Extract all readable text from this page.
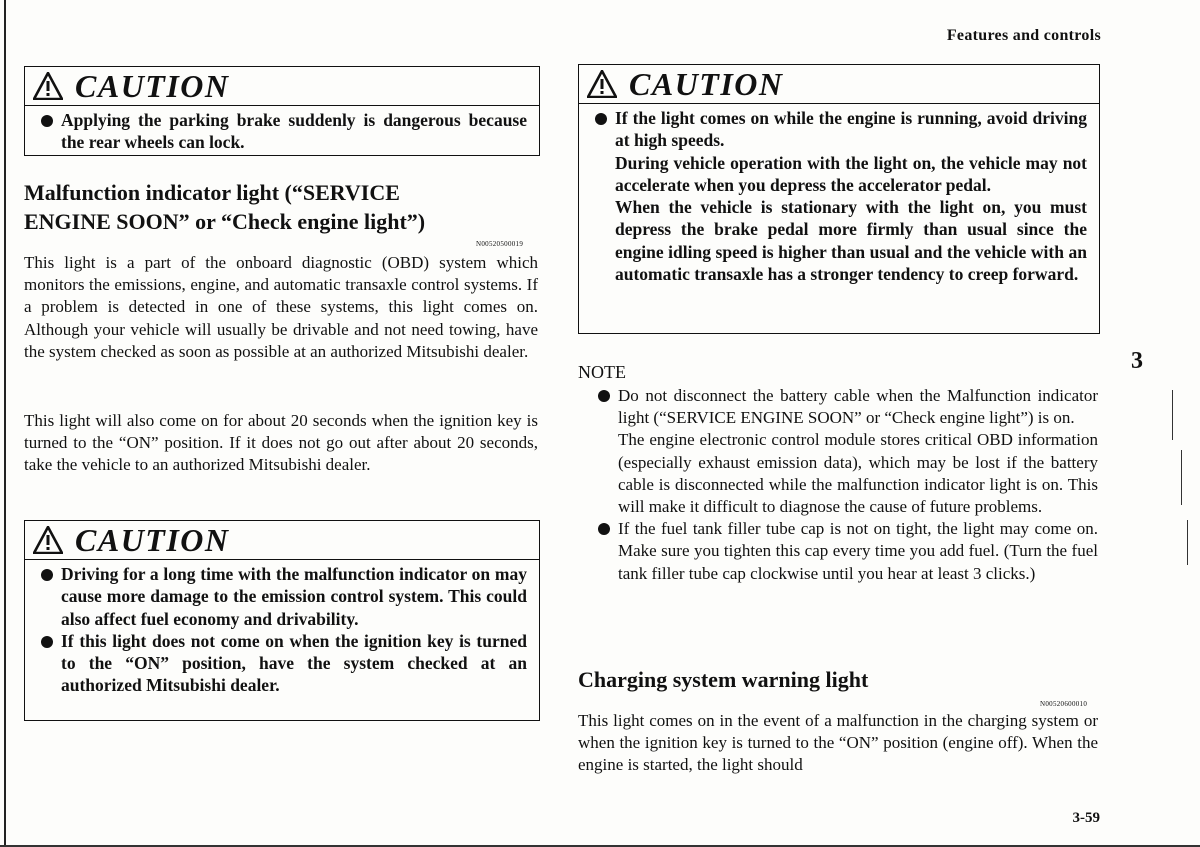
Features and controls
3
3-59
CAUTION
Applying the parking brake suddenly is dangerous because the rear wheels can lock.
Malfunction indicator light (“SERVICE
ENGINE SOON” or “Check engine light”)
N00520500019
This light is a part of the onboard diagnostic (OBD) system which monitors the emissions, engine, and automatic transaxle control systems. If a problem is detected in one of these systems, this light comes on. Although your vehicle will usually be drivable and not need towing, have the system checked as soon as possible at an authorized Mitsubishi dealer.
This light will also come on for about 20 seconds when the ignition key is turned to the “ON” position. If it does not go out after about 20 seconds, take the vehicle to an authorized Mitsubishi dealer.
CAUTION
Driving for a long time with the malfunction indicator on may cause more damage to the emission control system. This could also affect fuel economy and drivability.
If this light does not come on when the ignition key is turned to the “ON” position, have the system checked at an authorized Mitsubishi dealer.
CAUTION
If the light comes on while the engine is running, avoid driving at high speeds.
During vehicle operation with the light on, the vehicle may not accelerate when you depress the accelerator pedal.
When the vehicle is stationary with the light on, you must depress the brake pedal more firmly than usual since the engine idling speed is higher than usual and the vehicle with an automatic transaxle has a stronger tendency to creep forward.
NOTE
Do not disconnect the battery cable when the Malfunction indicator light (“SERVICE ENGINE SOON” or “Check engine light”) is on.
The engine electronic control module stores critical OBD information (especially exhaust emission data), which may be lost if the battery cable is disconnected while the malfunction indicator light is on. This will make it difficult to diagnose the cause of future problems.
If the fuel tank filler tube cap is not on tight, the light may come on. Make sure you tighten this cap every time you add fuel. (Turn the fuel tank filler tube cap clockwise until you hear at least 3 clicks.)
Charging system warning light
N00520600010
This light comes on in the event of a malfunction in the charging system or when the ignition key is turned to the “ON” position (engine off). When the engine is started, the light should
